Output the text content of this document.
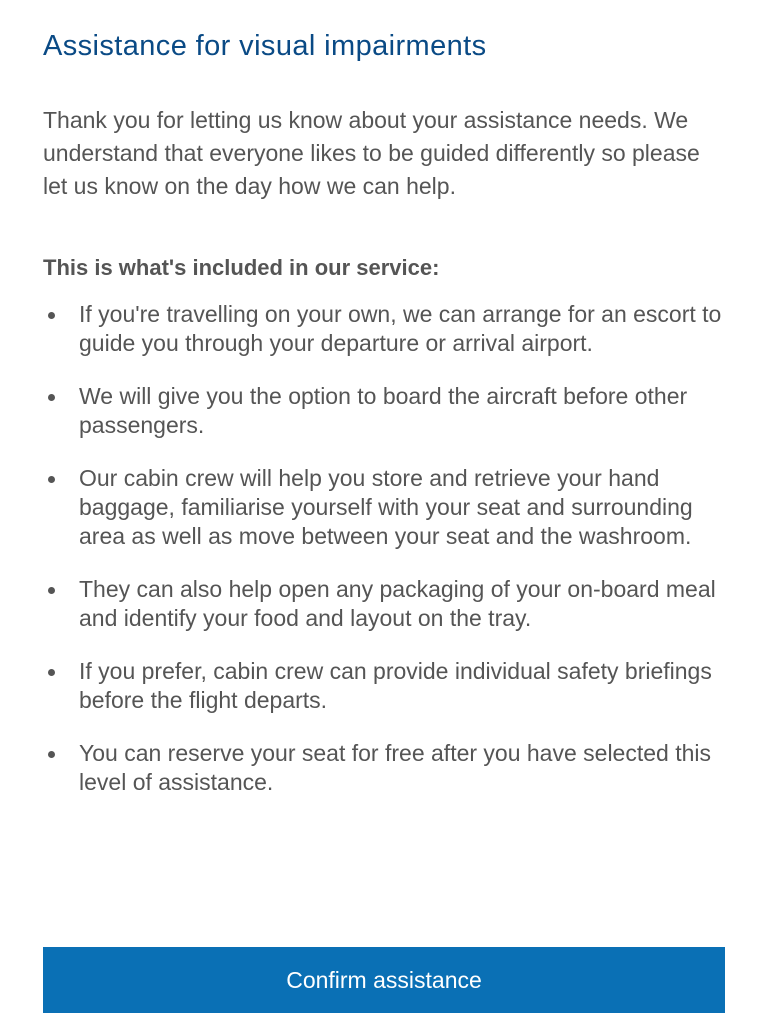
Assistance for visual impairments

Thank you for letting us know about your assistance needs. We understand that everyone likes to be guided differently so please let us know on the day how we can help.

This is what's included in our service:
If you're travelling on your own, we can arrange for an escort to guide you through your departure or arrival airport.
We will give you the option to board the aircraft before other passengers.
Our cabin crew will help you store and retrieve your hand baggage, familiarise yourself with your seat and surrounding area as well as move between your seat and the washroom.
They can also help open any packaging of your on-board meal and identify your food and layout on the tray.
If you prefer, cabin crew can provide individual safety briefings before the flight departs.
You can reserve your seat for free after you have selected this level of assistance.
Confirm assistance
